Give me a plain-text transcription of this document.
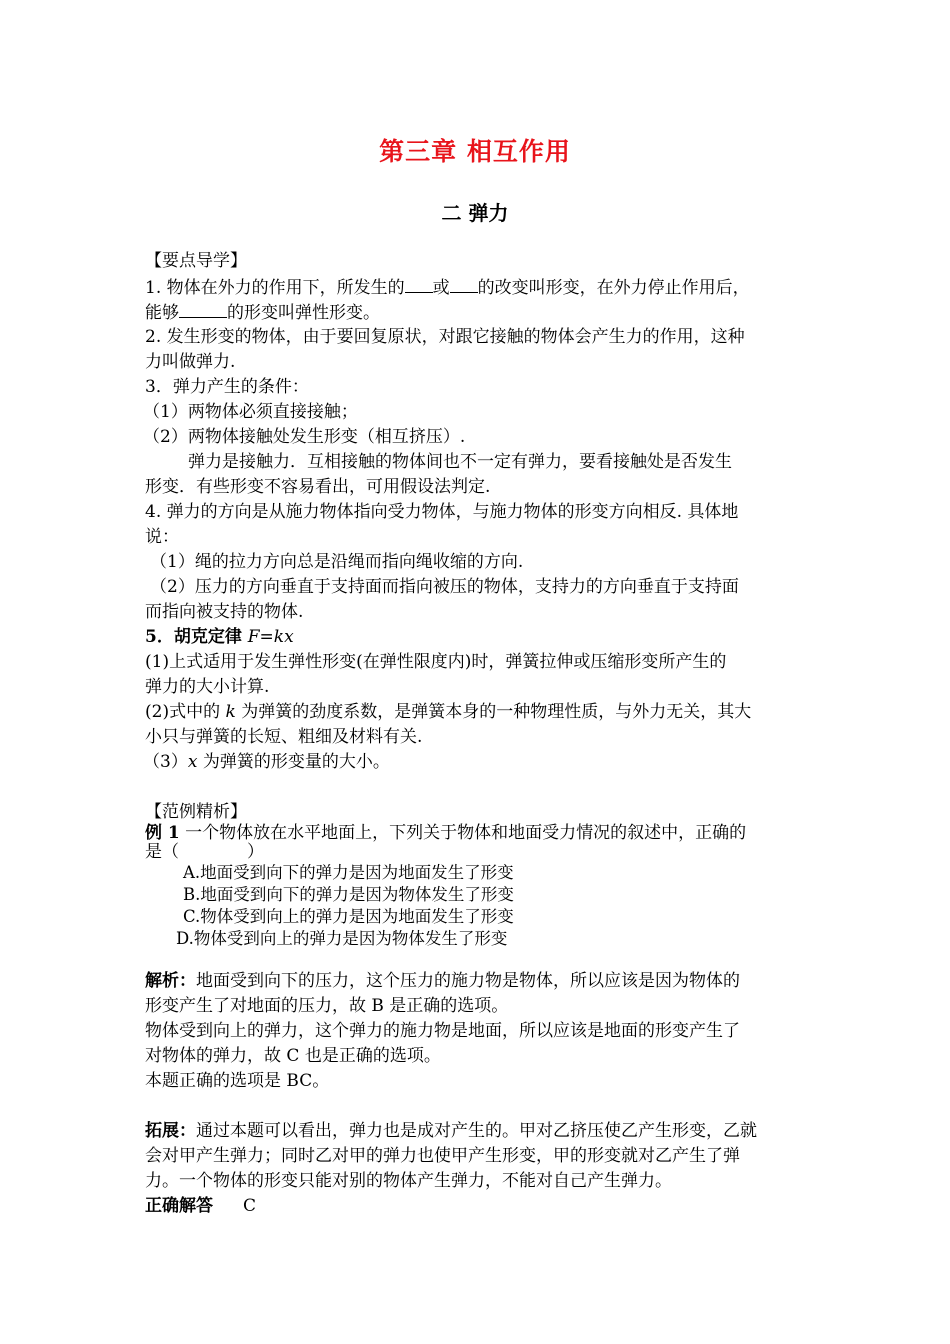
第三章 相互作用
二 弹力
【要点导学】
1. 物体在外力的作用下，所发生的 或 的改变叫形变，在外力停止作用后，
能够	的形变叫弹性形变。
2. 发生形变的物体，由于要回复原状，对跟它接触的物体会产生力的作用，这种
力叫做弹力.
3．弹力产生的条件：
（1）两物体必须直接接触；
（2）两物体接触处发生形变（相互挤压）.
弹力是接触力．互相接触的物体间也不一定有弹力，要看接触处是否发生
形变．有些形变不容易看出，可用假设法判定.
4. 弹力的方向是从施力物体指向受力物体，与施力物体的形变方向相反. 具体地
说：
（1）绳的拉力方向总是沿绳而指向绳收缩的方向.
（2）压力的方向垂直于支持面而指向被压的物体，支持力的方向垂直于支持面
而指向被支持的物体.
5．胡克定律 F=kx
(1)上式适用于发生弹性形变(在弹性限度内)时，弹簧拉伸或压缩形变所产生的
弹力的大小计算.
(2)式中的 k 为弹簧的劲度系数，是弹簧本身的一种物理性质，与外力无关，其大
小只与弹簧的长短、粗细及材料有关.
（3）x 为弹簧的形变量的大小。
【范例精析】
例 1 一个物体放在水平地面上，下列关于物体和地面受力情况的叙述中，正确的
是（　　　　）
A.地面受到向下的弹力是因为地面发生了形变
B.地面受到向下的弹力是因为物体发生了形变
C.物体受到向上的弹力是因为地面发生了形变
D.物体受到向上的弹力是因为物体发生了形变
解析：地面受到向下的压力，这个压力的施力物是物体，所以应该是因为物体的
形变产生了对地面的压力，故 B 是正确的选项。
物体受到向上的弹力，这个弹力的施力物是地面，所以应该是地面的形变产生了
对物体的弹力，故 C 也是正确的选项。
本题正确的选项是 BC。
拓展：通过本题可以看出，弹力也是成对产生的。甲对乙挤压使乙产生形变，乙就
会对甲产生弹力；同时乙对甲的弹力也使甲产生形变，甲的形变就对乙产生了弹
力。一个物体的形变只能对别的物体产生弹力，不能对自己产生弹力。
正确解答 C
